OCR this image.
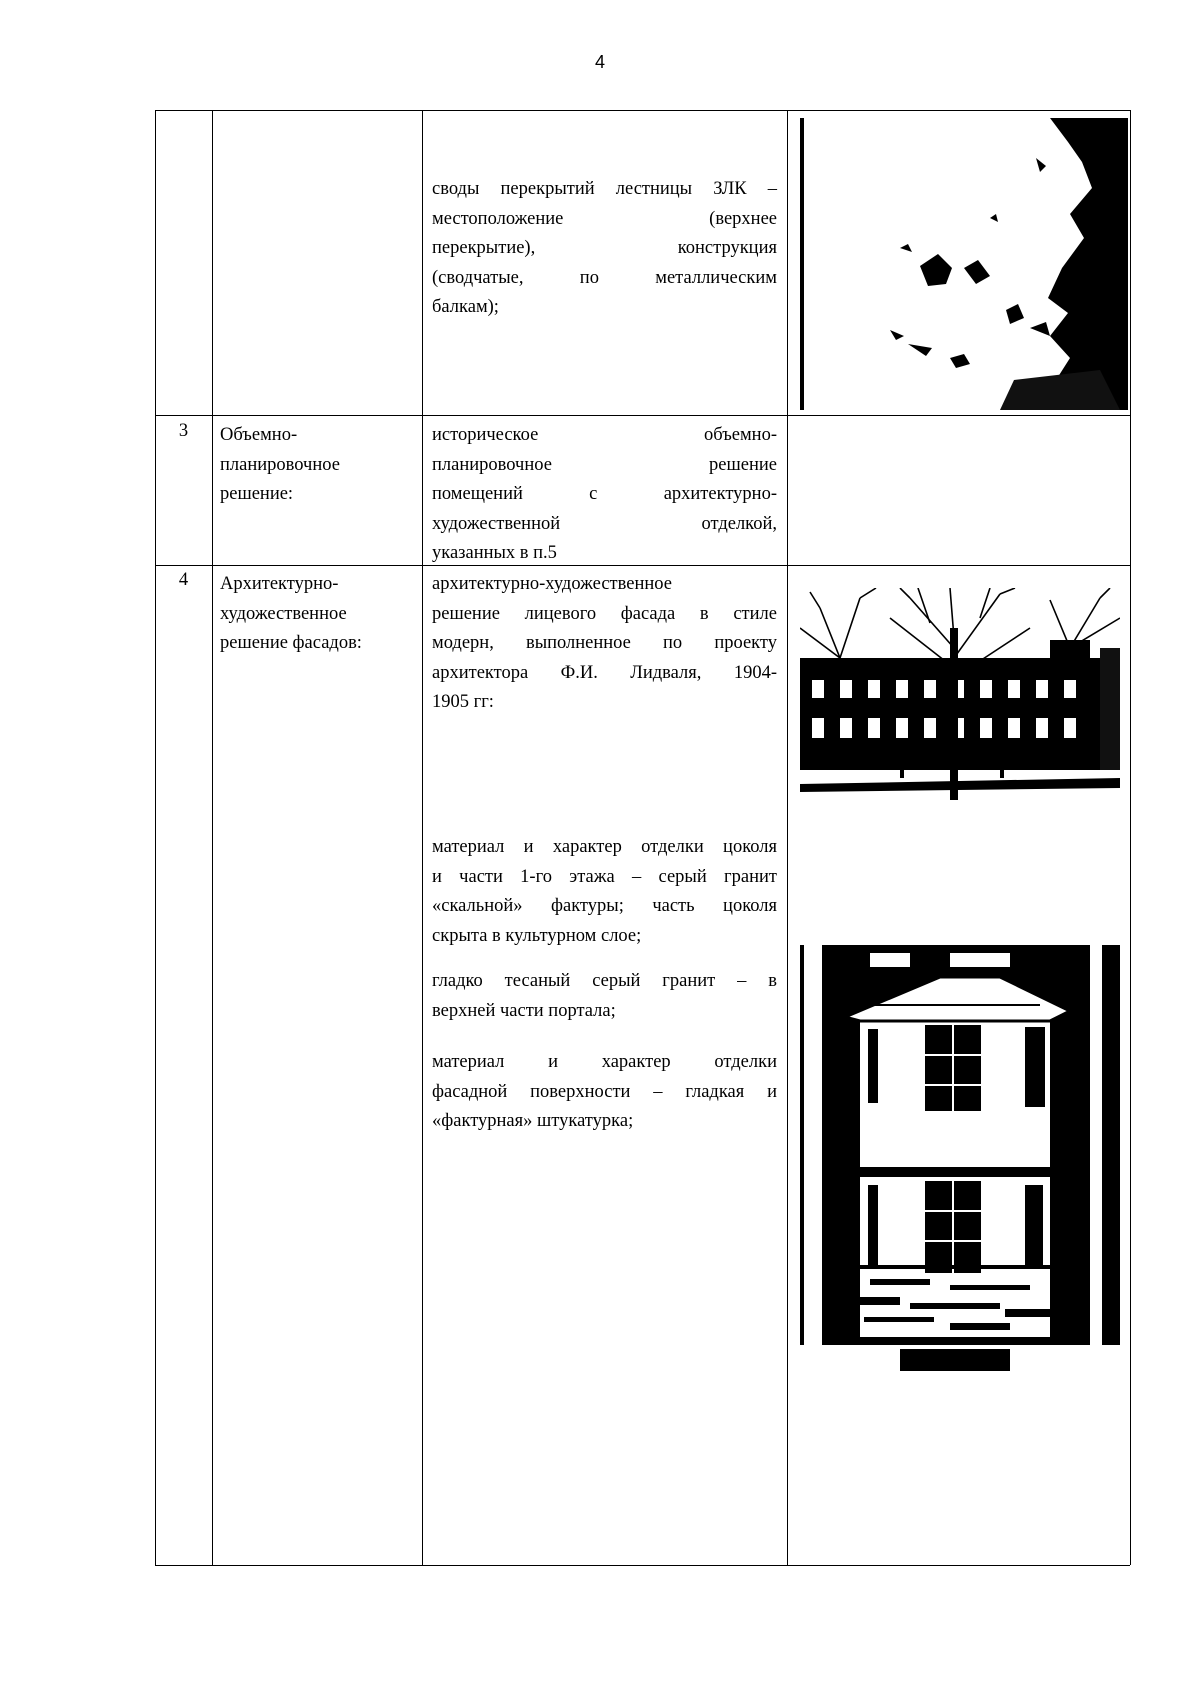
4
своды перекрытий лестницы ЗЛК –
местоположение (верхнее
перекрытие), конструкция
(сводчатые, по металлическим
балкам);
3	Объемно-
планировочное
решение:
историческое объемно-
планировочное решение
помещений с архитектурно-
художественной отделкой,
указанных в п.5
4	Архитектурно-
художественное
решение фасадов:
архитектурно-художественное
решение лицевого фасада в стиле
модерн, выполненное по проекту
архитектора Ф.И. Лидваля, 1904-
1905 гг:
материал и характер отделки цоколя
и части 1-го этажа – серый гранит
«скальной» фактуры; часть цоколя
скрыта в культурном слое;
гладко тесаный серый гранит – в
верхней части портала;
материал и характер отделки
фасадной поверхности – гладкая и
«фактурная» штукатурка;
